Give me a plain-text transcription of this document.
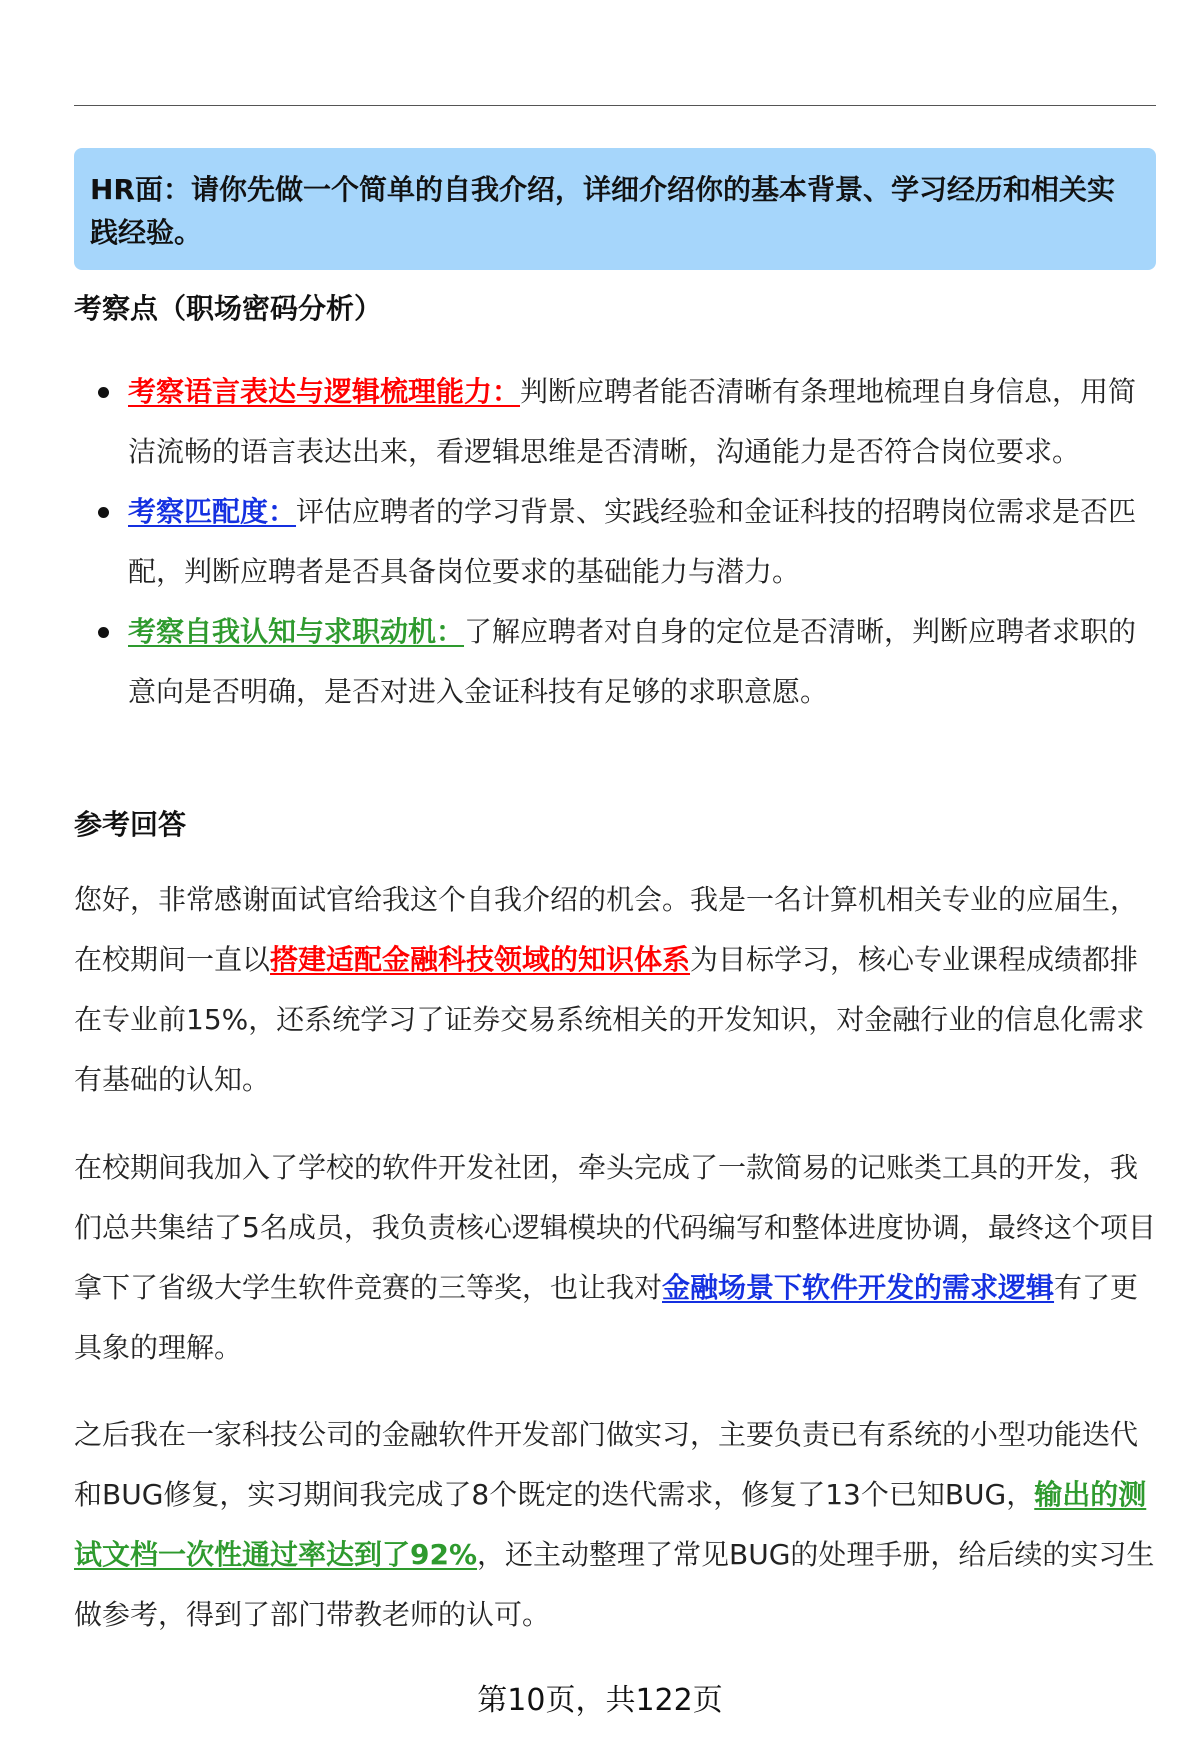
HR面：请你先做一个简单的自我介绍，详细介绍你的基本背景、学习经历和相关实践经验。
考察点（职场密码分析）
考察语言表达与逻辑梳理能力：判断应聘者能否清晰有条理地梳理自身信息，用简洁流畅的语言表达出来，看逻辑思维是否清晰，沟通能力是否符合岗位要求。
考察匹配度：评估应聘者的学习背景、实践经验和金证科技的招聘岗位需求是否匹配，判断应聘者是否具备岗位要求的基础能力与潜力。
考察自我认知与求职动机：了解应聘者对自身的定位是否清晰，判断应聘者求职的意向是否明确，是否对进入金证科技有足够的求职意愿。
参考回答

您好，非常感谢面试官给我这个自我介绍的机会。我是一名计算机相关专业的应届生，在校期间一直以搭建适配金融科技领域的知识体系为目标学习，核心专业课程成绩都排在专业前15%，还系统学习了证券交易系统相关的开发知识，对金融行业的信息化需求有基础的认知。

在校期间我加入了学校的软件开发社团，牵头完成了一款简易的记账类工具的开发，我们总共集结了5名成员，我负责核心逻辑模块的代码编写和整体进度协调，最终这个项目拿下了省级大学生软件竞赛的三等奖，也让我对金融场景下软件开发的需求逻辑有了更具象的理解。

之后我在一家科技公司的金融软件开发部门做实习，主要负责已有系统的小型功能迭代和BUG修复，实习期间我完成了8个既定的迭代需求，修复了13个已知BUG，输出的测试文档一次性通过率达到了92%，还主动整理了常见BUG的处理手册，给后续的实习生做参考，得到了部门带教老师的认可。

第10页，共122页
